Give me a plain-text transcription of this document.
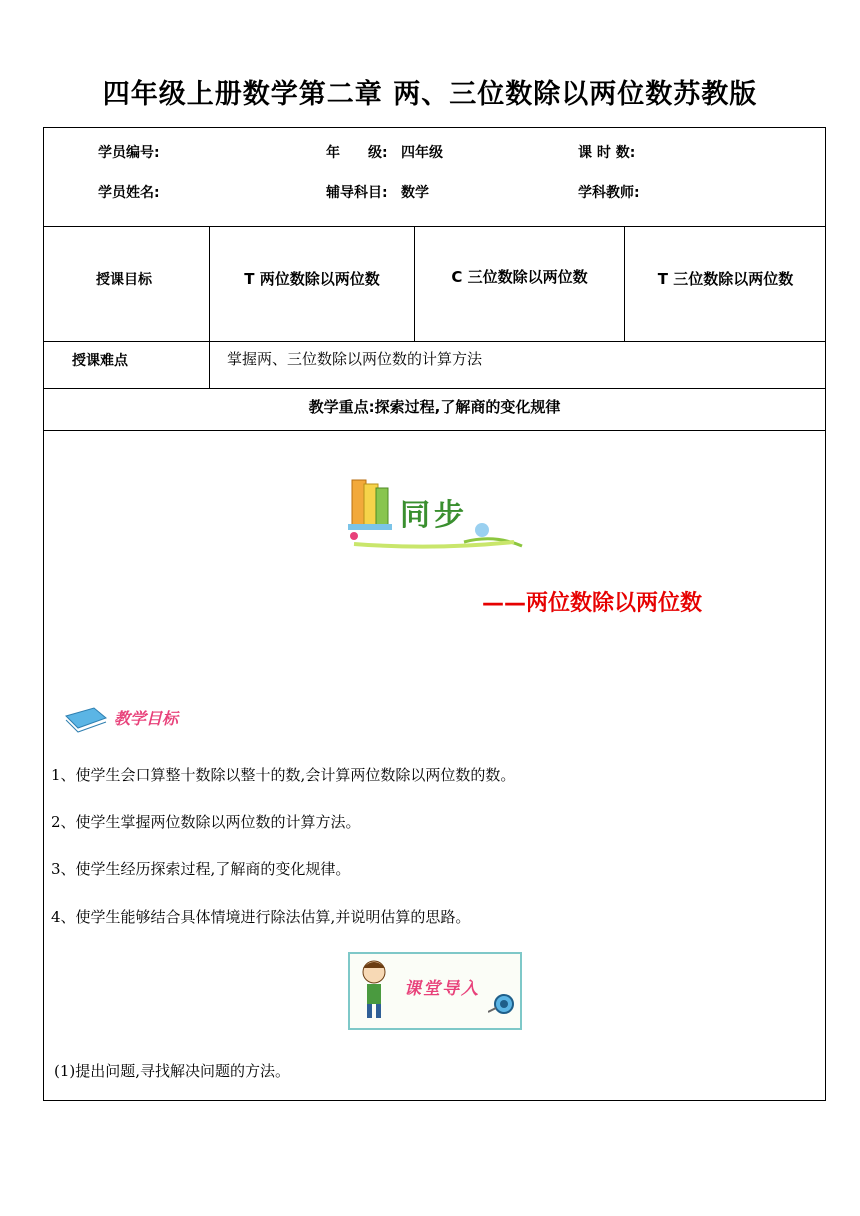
四年级上册数学第二章 两、三位数除以两位数苏教版
学员编号:	年　　级: 四年级	课 时 数:
学员姓名:	辅导科目: 数学	学科教师:
授课目标	T 两位数除以两位数	C 三位数除以两位数	T 三位数除以两位数
授课难点	掌握两、三位数除以两位数的计算方法
教学重点:探索过程,了解商的变化规律
同步
——两位数除以两位数
教学目标
1、使学生会口算整十数除以整十的数,会计算两位数除以两位数的数。
2、使学生掌握两位数除以两位数的计算方法。
3、使学生经历探索过程,了解商的变化规律。
4、使学生能够结合具体情境进行除法估算,并说明估算的思路。
课堂导入
(1)提出问题,寻找解决问题的方法。
